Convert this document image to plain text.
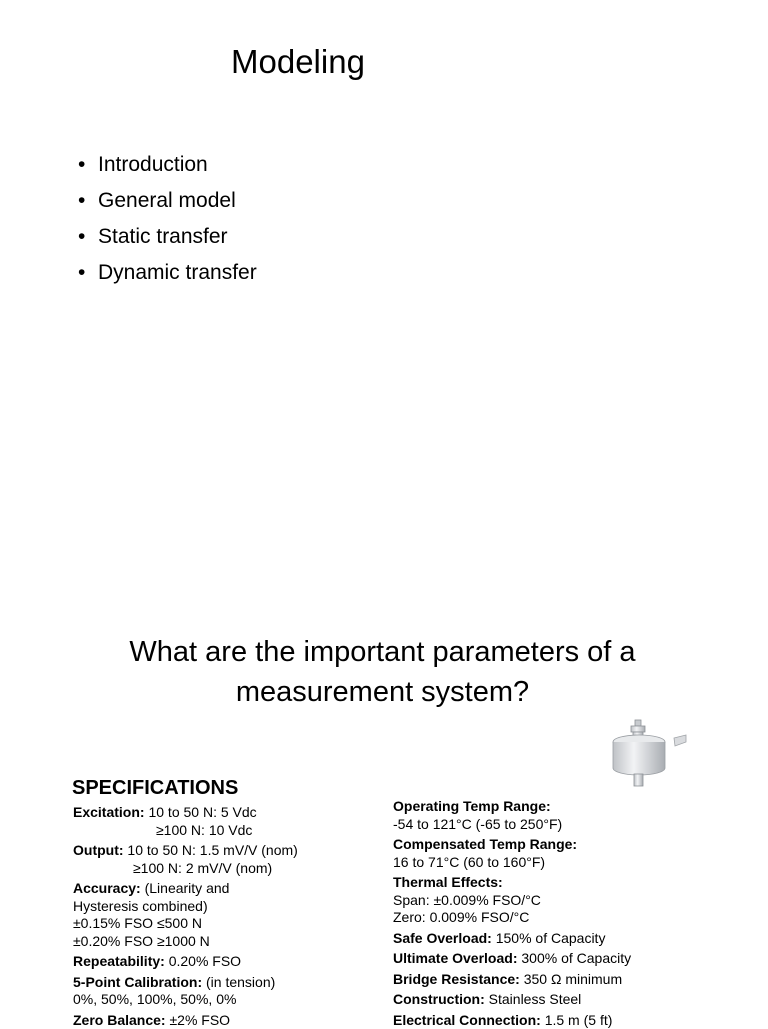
Modeling
• Introduction
• General model
• Static transfer
• Dynamic transfer
What are the important parameters of a
measurement system?
SPECIFICATIONS
Excitation: 10 to 50 N: 5 Vdc
≥100 N: 10 Vdc
Output: 10 to 50 N: 1.5 mV/V (nom)
≥100 N: 2 mV/V (nom)
Accuracy: (Linearity and
Hysteresis combined)
±0.15% FSO ≤500 N
±0.20% FSO ≥1000 N
Repeatability: 0.20% FSO
5-Point Calibration: (in tension)
0%, 50%, 100%, 50%, 0%
Zero Balance: ±2% FSO
Operating Temp Range:
-54 to 121°C (-65 to 250°F)
Compensated Temp Range:
16 to 71°C (60 to 160°F)
Thermal Effects:
Span: ±0.009% FSO/°C
Zero: 0.009% FSO/°C
Safe Overload: 150% of Capacity
Ultimate Overload: 300% of Capacity
Bridge Resistance: 350 Ω minimum
Construction: Stainless Steel
Electrical Connection: 1.5 m (5 ft)
